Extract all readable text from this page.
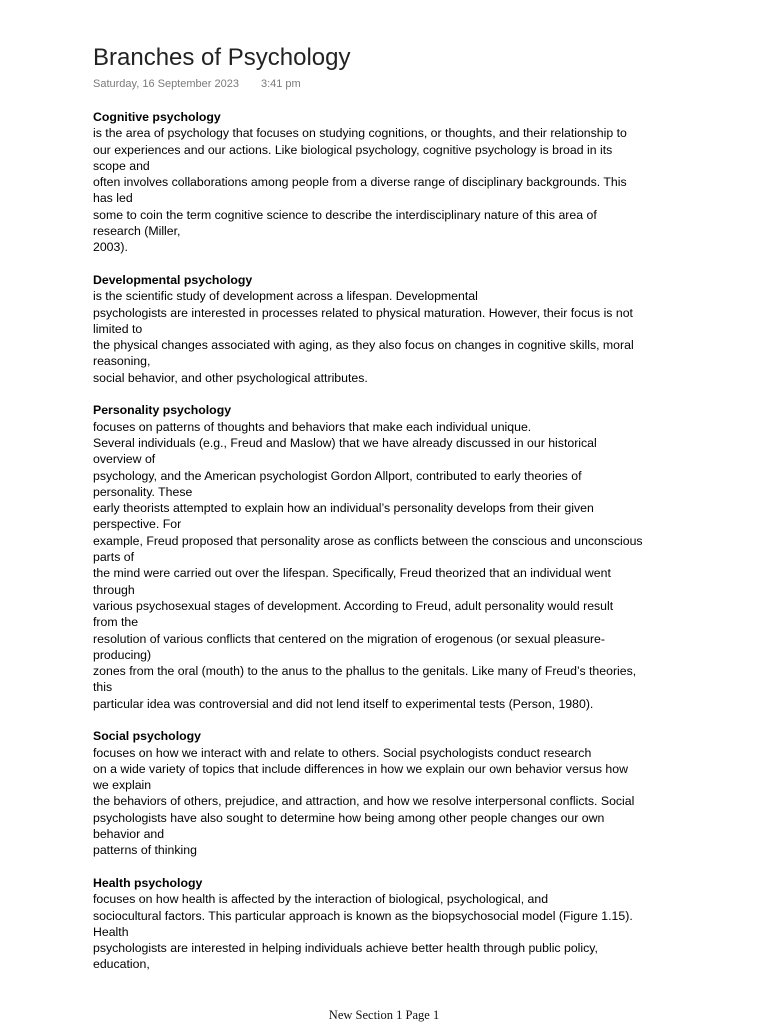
Branches of Psychology
Saturday, 16 September 2023 3:41 pm
Cognitive psychology
is the area of psychology that focuses on studying cognitions, or thoughts, and their relationship to
our experiences and our actions. Like biological psychology, cognitive psychology is broad in its
scope and
often involves collaborations among people from a diverse range of disciplinary backgrounds. This
has led
some to coin the term cognitive science to describe the interdisciplinary nature of this area of
research (Miller,
2003).
Developmental psychology
is the scientific study of development across a lifespan. Developmental
psychologists are interested in processes related to physical maturation. However, their focus is not
limited to
the physical changes associated with aging, as they also focus on changes in cognitive skills, moral
reasoning,
social behavior, and other psychological attributes.
Personality psychology
focuses on patterns of thoughts and behaviors that make each individual unique.
Several individuals (e.g., Freud and Maslow) that we have already discussed in our historical
overview of
psychology, and the American psychologist Gordon Allport, contributed to early theories of
personality. These
early theorists attempted to explain how an individual’s personality develops from their given
perspective. For
example, Freud proposed that personality arose as conflicts between the conscious and unconscious
parts of
the mind were carried out over the lifespan. Specifically, Freud theorized that an individual went
through
various psychosexual stages of development. According to Freud, adult personality would result
from the
resolution of various conflicts that centered on the migration of erogenous (or sexual pleasure-
producing)
zones from the oral (mouth) to the anus to the phallus to the genitals. Like many of Freud’s theories,
this
particular idea was controversial and did not lend itself to experimental tests (Person, 1980).
Social psychology
focuses on how we interact with and relate to others. Social psychologists conduct research
on a wide variety of topics that include differences in how we explain our own behavior versus how
we explain
the behaviors of others, prejudice, and attraction, and how we resolve interpersonal conflicts. Social
psychologists have also sought to determine how being among other people changes our own
behavior and
patterns of thinking
Health psychology
focuses on how health is affected by the interaction of biological, psychological, and
sociocultural factors. This particular approach is known as the biopsychosocial model (Figure 1.15).
Health
psychologists are interested in helping individuals achieve better health through public policy,
education,
New Section 1 Page 1
